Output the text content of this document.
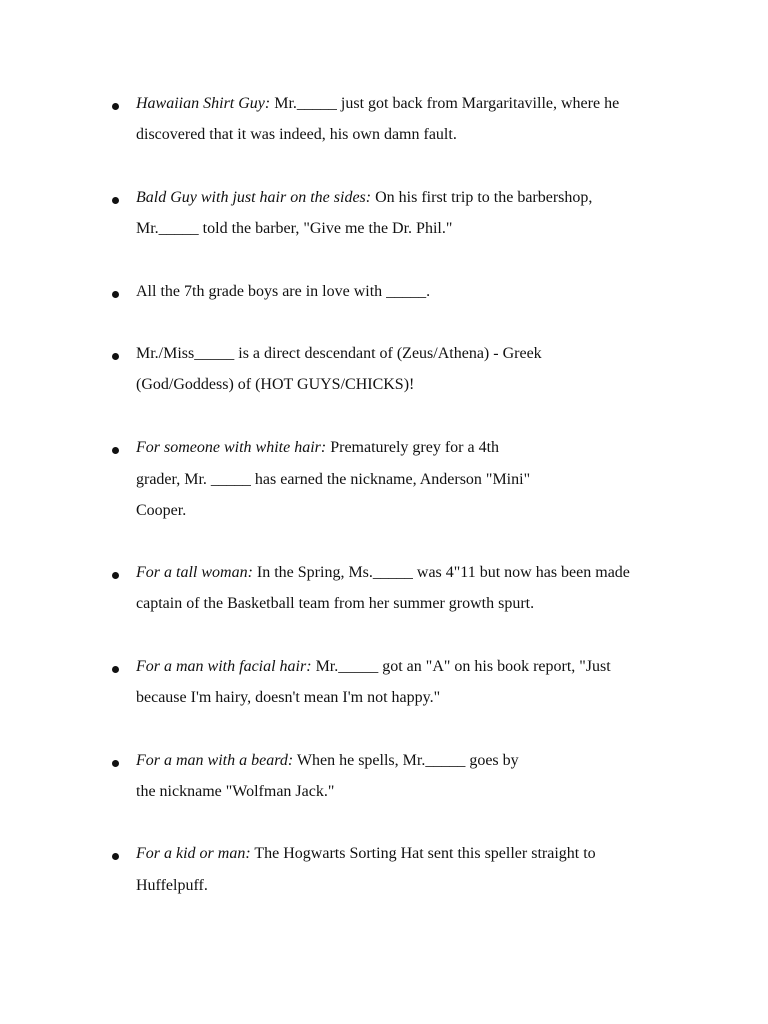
Hawaiian Shirt Guy: Mr._____ just got back from Margaritaville, where he
discovered that it was indeed, his own damn fault.
Bald Guy with just hair on the sides: On his first trip to the barbershop,
Mr._____ told the barber, "Give me the Dr. Phil."
All the 7th grade boys are in love with _____.
Mr./Miss_____ is a direct descendant of (Zeus/Athena) - Greek
(God/Goddess) of (HOT GUYS/CHICKS)!
For someone with white hair: Prematurely grey for a 4th
grader, Mr. _____ has earned the nickname, Anderson "Mini"
Cooper.
For a tall woman: In the Spring, Ms._____ was 4"11 but now has been made
captain of the Basketball team from her summer growth spurt.
For a man with facial hair: Mr._____ got an "A" on his book report, "Just
because I'm hairy, doesn't mean I'm not happy."
For a man with a beard: When he spells, Mr._____ goes by
the nickname "Wolfman Jack."
For a kid or man: The Hogwarts Sorting Hat sent this speller straight to
Huffelpuff.
